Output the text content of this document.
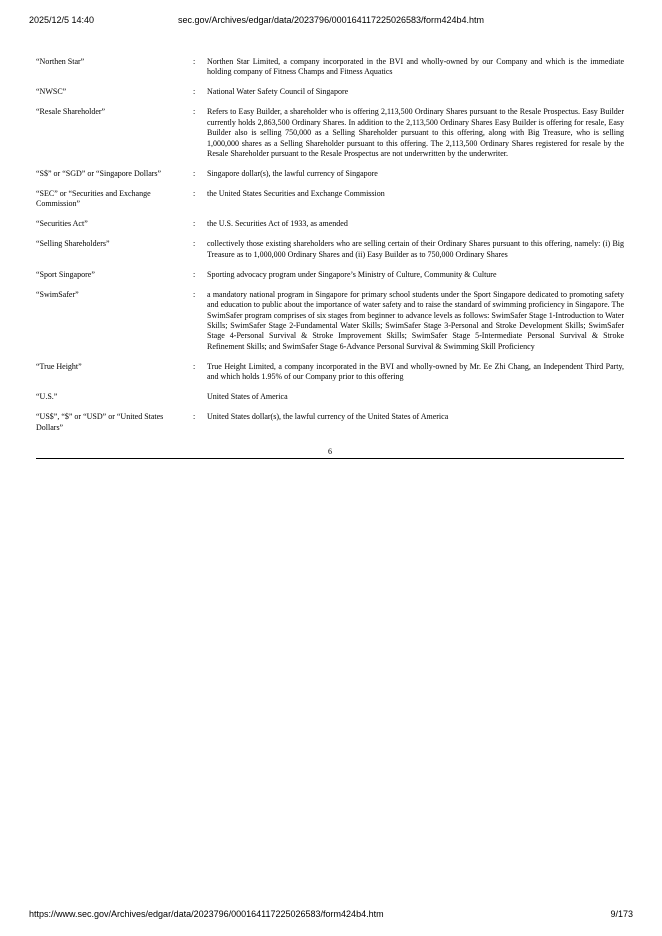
2025/12/5 14:40	sec.gov/Archives/edgar/data/2023796/000164117225026583/form424b4.htm
“Northen Star”	:	Northen Star Limited, a company incorporated in the BVI and wholly-owned by our Company and which is the immediate holding company of Fitness Champs and Fitness Aquatics
“NWSC”	:	National Water Safety Council of Singapore
“Resale Shareholder”	:	Refers to Easy Builder, a shareholder who is offering 2,113,500 Ordinary Shares pursuant to the Resale Prospectus. Easy Builder currently holds 2,863,500 Ordinary Shares. In addition to the 2,113,500 Ordinary Shares Easy Builder is offering for resale, Easy Builder also is selling 750,000 as a Selling Shareholder pursuant to this offering, along with Big Treasure, who is selling 1,000,000 shares as a Selling Shareholder pursuant to this offering. The 2,113,500 Ordinary Shares registered for resale by the Resale Shareholder pursuant to the Resale Prospectus are not underwritten by the underwriter.
“S$” or “SGD” or “Singapore Dollars”	:	Singapore dollar(s), the lawful currency of Singapore
“SEC” or “Securities and Exchange Commission”	:	the United States Securities and Exchange Commission
“Securities Act”	:	the U.S. Securities Act of 1933, as amended
“Selling Shareholders”	:	collectively those existing shareholders who are selling certain of their Ordinary Shares pursuant to this offering, namely: (i) Big Treasure as to 1,000,000 Ordinary Shares and (ii) Easy Builder as to 750,000 Ordinary Shares
“Sport Singapore”	:	Sporting advocacy program under Singapore’s Ministry of Culture, Community & Culture
“SwimSafer”	:	a mandatory national program in Singapore for primary school students under the Sport Singapore dedicated to promoting safety and education to public about the importance of water safety and to raise the standard of swimming proficiency in Singapore. The SwimSafer program comprises of six stages from beginner to advance levels as follows: SwimSafer Stage 1-Introduction to Water Skills; SwimSafer Stage 2-Fundamental Water Skills; SwimSafer Stage 3-Personal and Stroke Development Skills; SwimSafer Stage 4-Personal Survival & Stroke Improvement Skills; SwimSafer Stage 5-Intermediate Personal Survival & Stroke Refinement Skills; and SwimSafer Stage 6-Advance Personal Survival & Swimming Skill Proficiency
“True Height”	:	True Height Limited, a company incorporated in the BVI and wholly-owned by Mr. Ee Zhi Chang, an Independent Third Party, and which holds 1.95% of our Company prior to this offering
“U.S.”		United States of America
“US$”, “$” or “USD” or “United States Dollars”	:	United States dollar(s), the lawful currency of the United States of America
6
https://www.sec.gov/Archives/edgar/data/2023796/000164117225026583/form424b4.htm	9/173
